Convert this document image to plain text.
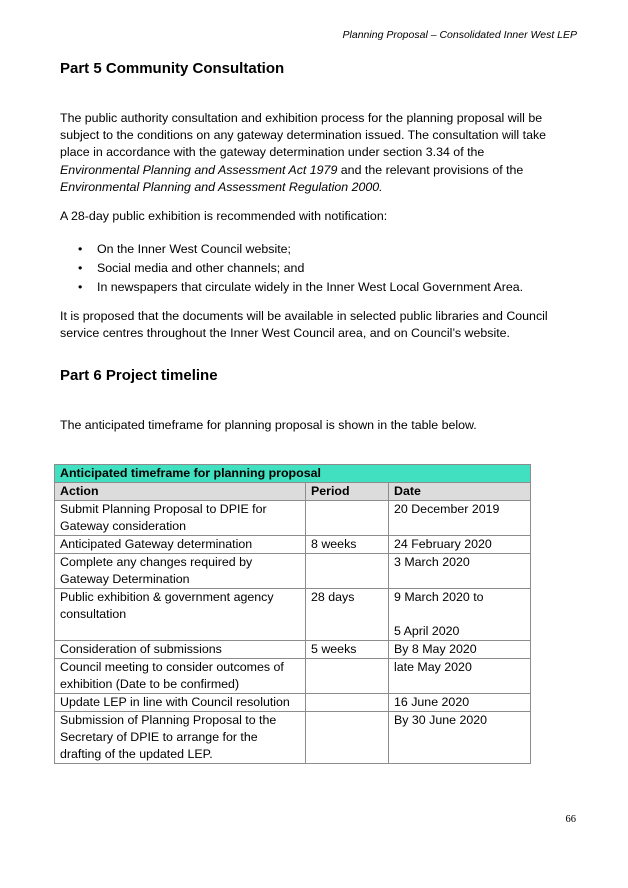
Planning Proposal – Consolidated Inner West LEP
Part 5 Community Consultation

The public authority consultation and exhibition process for the planning proposal will be subject to the conditions on any gateway determination issued. The consultation will take place in accordance with the gateway determination under section 3.34 of the Environmental Planning and Assessment Act 1979 and the relevant provisions of the Environmental Planning and Assessment Regulation 2000.

A 28-day public exhibition is recommended with notification:

• On the Inner West Council website;
• Social media and other channels; and
• In newspapers that circulate widely in the Inner West Local Government Area.

It is proposed that the documents will be available in selected public libraries and Council service centres throughout the Inner West Council area, and on Council’s website.

Part 6 Project timeline

The anticipated timeframe for planning proposal is shown in the table below.

Anticipated timeframe for planning proposal		
Action	Period	Date
Submit Planning Proposal to DPIE for Gateway consideration		20 December 2019
Anticipated Gateway determination	8 weeks	24 February 2020
Complete any changes required by Gateway Determination		3 March 2020
Public exhibition & government agency consultation	28 days	9 March 2020 to
5 April 2020

Consideration of submissions	5 weeks	By 8 May 2020
Council meeting to consider outcomes of exhibition (Date to be confirmed)		late May 2020
Update LEP in line with Council resolution		16 June 2020
Submission of Planning Proposal to the Secretary of DPIE to arrange for the drafting of the updated LEP.		By 30 June 2020
66
